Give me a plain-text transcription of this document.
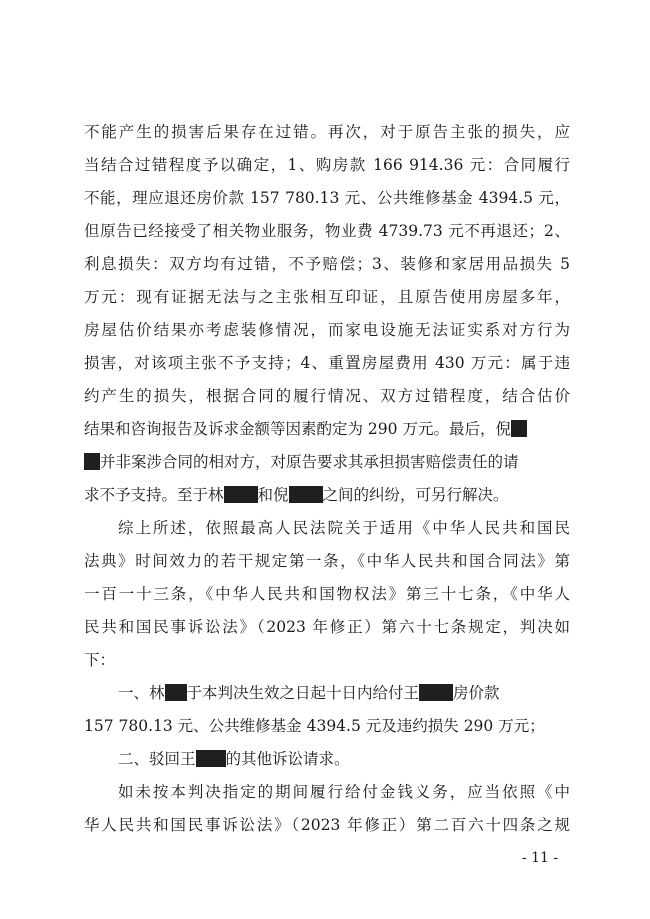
不能产生的损害后果存在过错。再次，对于原告主张的损失，应
当结合过错程度予以确定，1、购房款 166 914.36 元：合同履行
不能，理应退还房价款 157 780.13 元、公共维修基金 4394.5 元，
但原告已经接受了相关物业服务，物业费 4739.73 元不再退还；2、
利息损失：双方均有过错，不予赔偿；3、装修和家居用品损失 5
万元：现有证据无法与之主张相互印证，且原告使用房屋多年，
房屋估价结果亦考虑装修情况，而家电设施无法证实系对方行为
损害，对该项主张不予支持；4、重置房屋费用 430 万元：属于违
约产生的损失，根据合同的履行情况、双方过错程度，结合估价
结果和咨询报告及诉求金额等因素酌定为 290 万元。最后，倪
并非案涉合同的相对方，对原告要求其承担损害赔偿责任的请
求不予支持。至于林 和倪 之间的纠纷，可另行解决。
综上所述，依照最高人民法院关于适用《中华人民共和国民
法典》时间效力的若干规定第一条，《中华人民共和国合同法》第
一百一十三条，《中华人民共和国物权法》第三十七条，《中华人
民共和国民事诉讼法》（2023 年修正）第六十七条规定，判决如
下：
一、林 于本判决生效之日起十日内给付王 房价款
157 780.13 元、公共维修基金 4394.5 元及违约损失 290 万元；
二、驳回王 的其他诉讼请求。
如未按本判决指定的期间履行给付金钱义务，应当依照《中
华人民共和国民事诉讼法》（2023 年修正）第二百六十四条之规
- 11 -
